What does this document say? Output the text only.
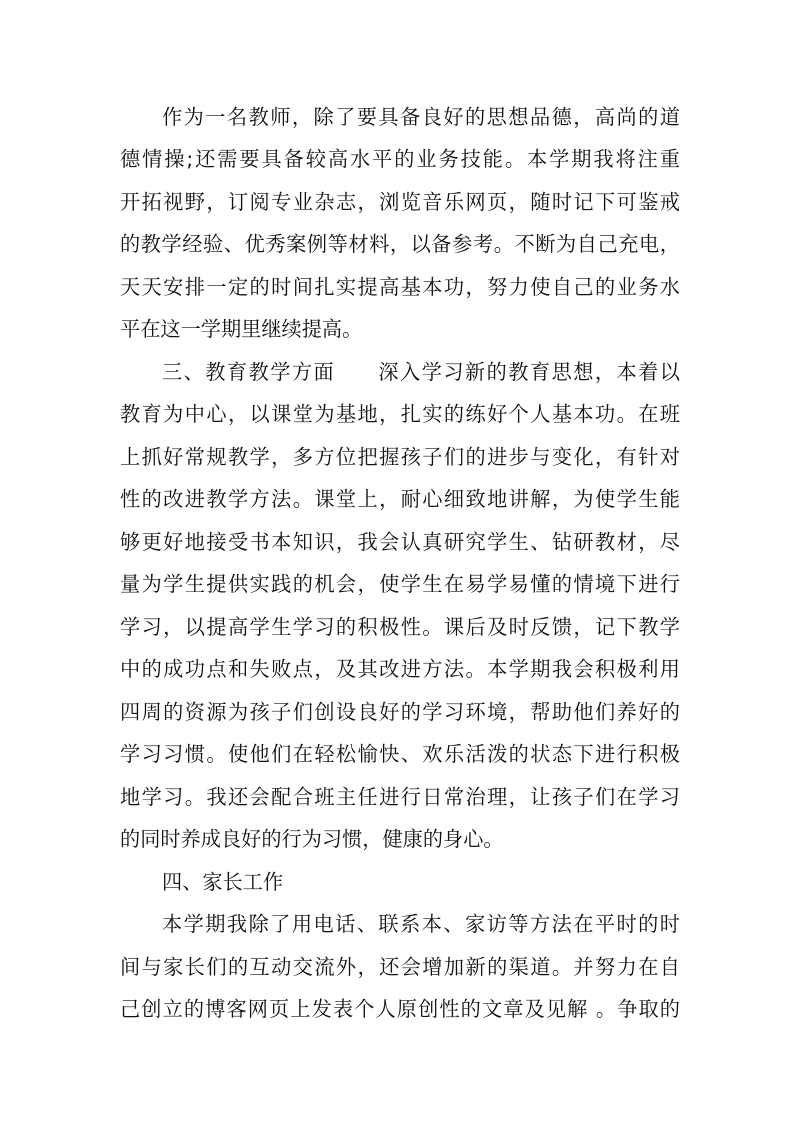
作为一名教师，除了要具备良好的思想品德，高尚的道
德情操;还需要具备较高水平的业务技能。本学期我将注重
开拓视野，订阅专业杂志，浏览音乐网页，随时记下可鉴戒
的教学经验、优秀案例等材料，以备参考。不断为自己充电，
天天安排一定的时间扎实提高基本功，努力使自己的业务水
平在这一学期里继续提高。
三、教育教学方面　　深入学习新的教育思想，本着以
教育为中心，以课堂为基地，扎实的练好个人基本功。在班
上抓好常规教学，多方位把握孩子们的进步与变化，有针对
性的改进教学方法。课堂上，耐心细致地讲解，为使学生能
够更好地接受书本知识，我会认真研究学生、钻研教材，尽
量为学生提供实践的机会，使学生在易学易懂的情境下进行
学习，以提高学生学习的积极性。课后及时反馈，记下教学
中的成功点和失败点，及其改进方法。本学期我会积极利用
四周的资源为孩子们创设良好的学习环境，帮助他们养好的
学习习惯。使他们在轻松愉快、欢乐活泼的状态下进行积极
地学习。我还会配合班主任进行日常治理，让孩子们在学习
的同时养成良好的行为习惯，健康的身心。
四、家长工作
本学期我除了用电话、联系本、家访等方法在平时的时
间与家长们的互动交流外，还会增加新的渠道。并努力在自
己创立的博客网页上发表个人原创性的文章及见解 。争取的
